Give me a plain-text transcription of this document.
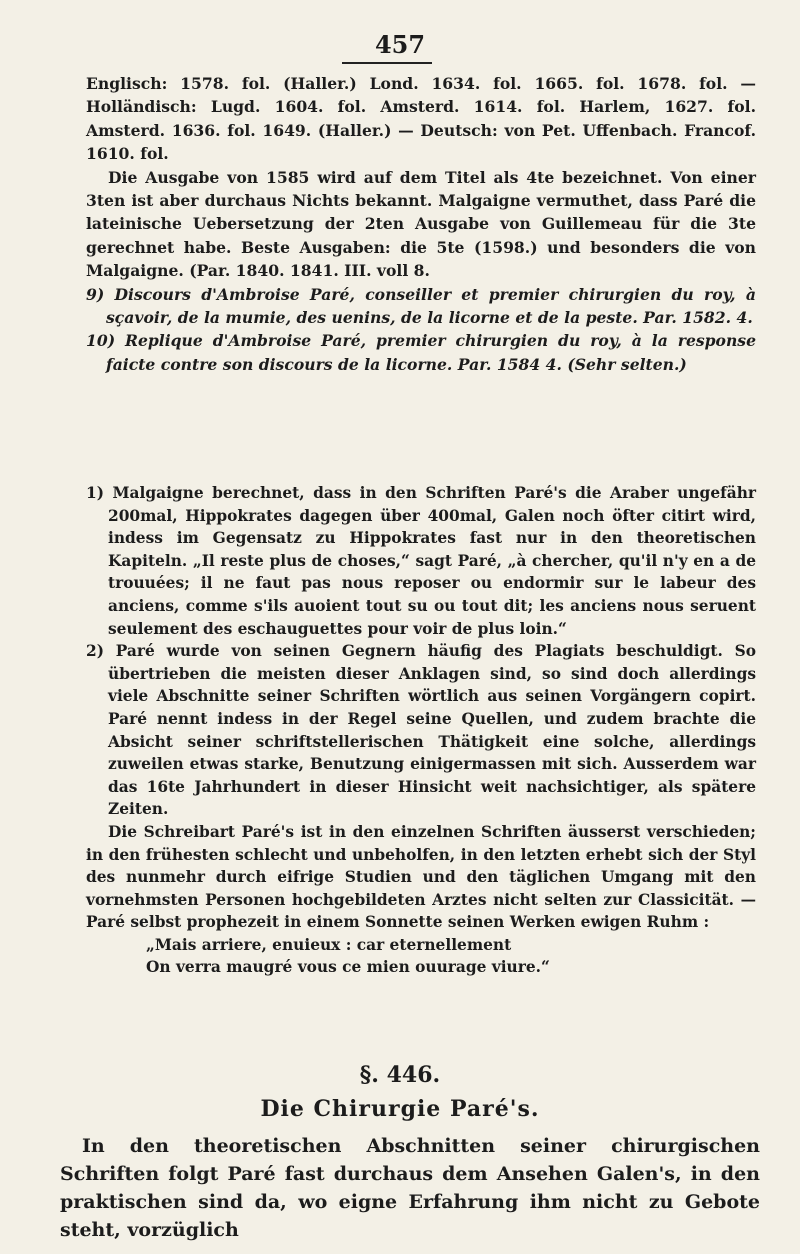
457

Englisch: 1578. fol. (Haller.) Lond. 1634. fol. 1665. fol. 1678. fol. — Holländisch: Lugd. 1604. fol. Amsterd. 1614. fol. Harlem, 1627. fol. Amsterd. 1636. fol. 1649. (Haller.) — Deutsch: von Pet. Uffenbach. Francof. 1610. fol.

Die Ausgabe von 1585 wird auf dem Titel als 4te bezeichnet. Von einer 3ten ist aber durchaus Nichts bekannt. Malgaigne vermuthet, dass Paré die lateinische Uebersetzung der 2ten Ausgabe von Guillemeau für die 3te gerechnet habe. Beste Ausgaben: die 5te (1598.) und besonders die von Malgaigne. (Par. 1840. 1841. III. voll 8.

9) Discours d'Ambroise Paré, conseiller et premier chirurgien du roy, à sçavoir, de la mumie, des uenins, de la licorne et de la peste. Par. 1582. 4.

10) Replique d'Ambroise Paré, premier chirurgien du roy, à la response faicte contre son discours de la licorne. Par. 1584 4. (Sehr selten.)

1) Malgaigne berechnet, dass in den Schriften Paré's die Araber ungefähr 200mal, Hippokrates dagegen über 400mal, Galen noch öfter citirt wird, indess im Gegensatz zu Hippokrates fast nur in den theoretischen Kapiteln. „Il reste plus de choses,“ sagt Paré, „à chercher, qu'il n'y en a de trouuées; il ne faut pas nous reposer ou endormir sur le labeur des anciens, comme s'ils auoient tout su ou tout dit; les anciens nous seruent seulement des eschauguettes pour voir de plus loin.“

2) Paré wurde von seinen Gegnern häufig des Plagiats beschuldigt. So übertrieben die meisten dieser Anklagen sind, so sind doch allerdings viele Abschnitte seiner Schriften wörtlich aus seinen Vorgängern copirt. Paré nennt indess in der Regel seine Quellen, und zudem brachte die Absicht seiner schriftstellerischen Thätigkeit eine solche, allerdings zuweilen etwas starke, Benutzung einigermassen mit sich. Ausserdem war das 16te Jahrhundert in dieser Hinsicht weit nachsichtiger, als spätere Zeiten.

Die Schreibart Paré's ist in den einzelnen Schriften äusserst verschieden; in den frühesten schlecht und unbeholfen, in den letzten erhebt sich der Styl des nunmehr durch eifrige Studien und den täglichen Umgang mit den vornehmsten Personen hochgebildeten Arztes nicht selten zur Classicität. — Paré selbst prophezeit in einem Sonnette seinen Werken ewigen Ruhm :

„Mais arriere, enuieux : car eternellement

On verra maugré vous ce mien ouurage viure.“

§. 446.
Die Chirurgie Paré's.

In den theoretischen Abschnitten seiner chirurgischen Schriften folgt Paré fast durchaus dem Ansehen Galen's, in den praktischen sind da, wo eigne Erfahrung ihm nicht zu Gebote steht, vorzüglich
